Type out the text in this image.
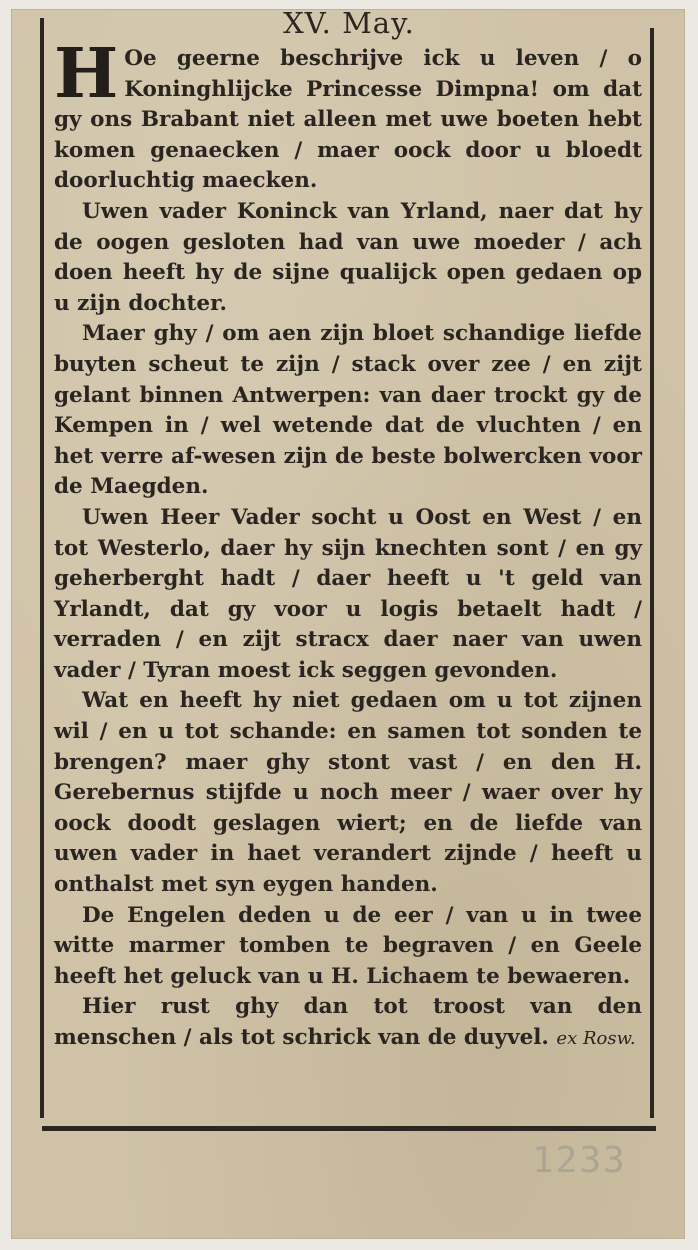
XV. May.

H Oe geerne beschrijve ick u leven / o Koninghlijcke Princesse Dimpna! om dat gy ons Brabant niet alleen met uwe boeten hebt komen genaecken / maer oock door u bloedt doorluchtig maecken.

Uwen vader Koninck van Yrland, naer dat hy de oogen gesloten had van uwe moeder / ach doen heeft hy de sijne qualijck open gedaen op u zijn dochter.

Maer ghy / om aen zijn bloet schandige liefde buyten scheut te zijn / stack over zee / en zijt gelant binnen Antwerpen: van daer trockt gy de Kempen in / wel wetende dat de vluchten / en het verre af-wesen zijn de beste bolwercken voor de Maegden.

Uwen Heer Vader socht u Oost en West / en tot Westerlo, daer hy sijn knechten sont / en gy geherberght hadt / daer heeft u 't geld van Yrlandt, dat gy voor u logis betaelt hadt / verraden / en zijt stracx daer naer van uwen vader / Tyran moest ick seggen gevonden.

Wat en heeft hy niet gedaen om u tot zijnen wil / en u tot schande: en samen tot sonden te brengen? maer ghy stont vast / en den H. Gerebernus stijfde u noch meer / waer over hy oock doodt geslagen wiert; en de liefde van uwen vader in haet verandert zijnde / heeft u onthalst met syn eygen handen.

De Engelen deden u de eer / van u in twee witte marmer tomben te begraven / en Geele heeft het geluck van u H. Lichaem te bewaeren.

Hier rust ghy dan tot troost van den menschen / als tot schrick van de duyvel. ex Rosw.

1233
